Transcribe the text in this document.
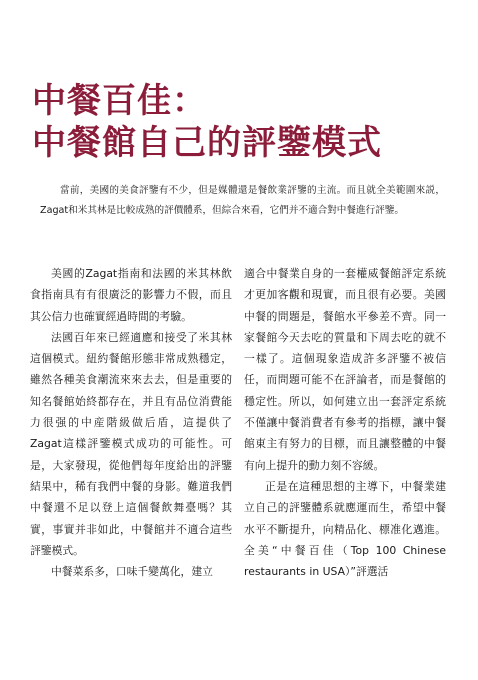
中餐百佳：
中餐館自己的評鑒模式

當前，美國的美食評鑒有不少，但是媒體還是餐飲業評鑒的主流。而且就全美範圍來説，Zagat和米其林是比較成熟的評價體系，但綜合來看，它們并不適合對中餐進行評鑒。

美國的Zagat指南和法國的米其林飲食指南具有有很廣泛的影響力不假，而且其公信力也確實經過時間的考驗。

法國百年來已經適應和接受了米其林這個模式。紐約餐館形態非常成熟穩定，雖然各種美食潮流來來去去，但是重要的知名餐館始終都存在，并且有品位消費能力很强的中産階級做后盾，這提供了Zagat這樣評鑒模式成功的可能性。可是，大家發現，從他們每年度給出的評鑒結果中，稀有我們中餐的身影。難道我們中餐還不足以登上這個餐飲舞臺嗎？其實，事實并非如此，中餐館并不適合這些評鑒模式。

中餐菜系多，口味千變萬化，建立

適合中餐業自身的一套權威餐館評定系統才更加客觀和現實，而且很有必要。美國中餐的問題是，餐館水平參差不齊。同一家餐館今天去吃的質量和下周去吃的就不一樣了。這個現象造成許多評鑒不被信任，而問題可能不在評論者，而是餐館的穩定性。所以，如何建立出一套評定系統不僅讓中餐消費者有參考的指標，讓中餐館東主有努力的目標，而且讓整體的中餐有向上提升的動力刻不容緩。

正是在這種思想的主導下，中餐業建立自己的評鑒體系就應運而生，希望中餐水平不斷提升，向精品化、標准化邁進。全美“中餐百佳（Top 100 Chinese restaurants in USA）”評選活
